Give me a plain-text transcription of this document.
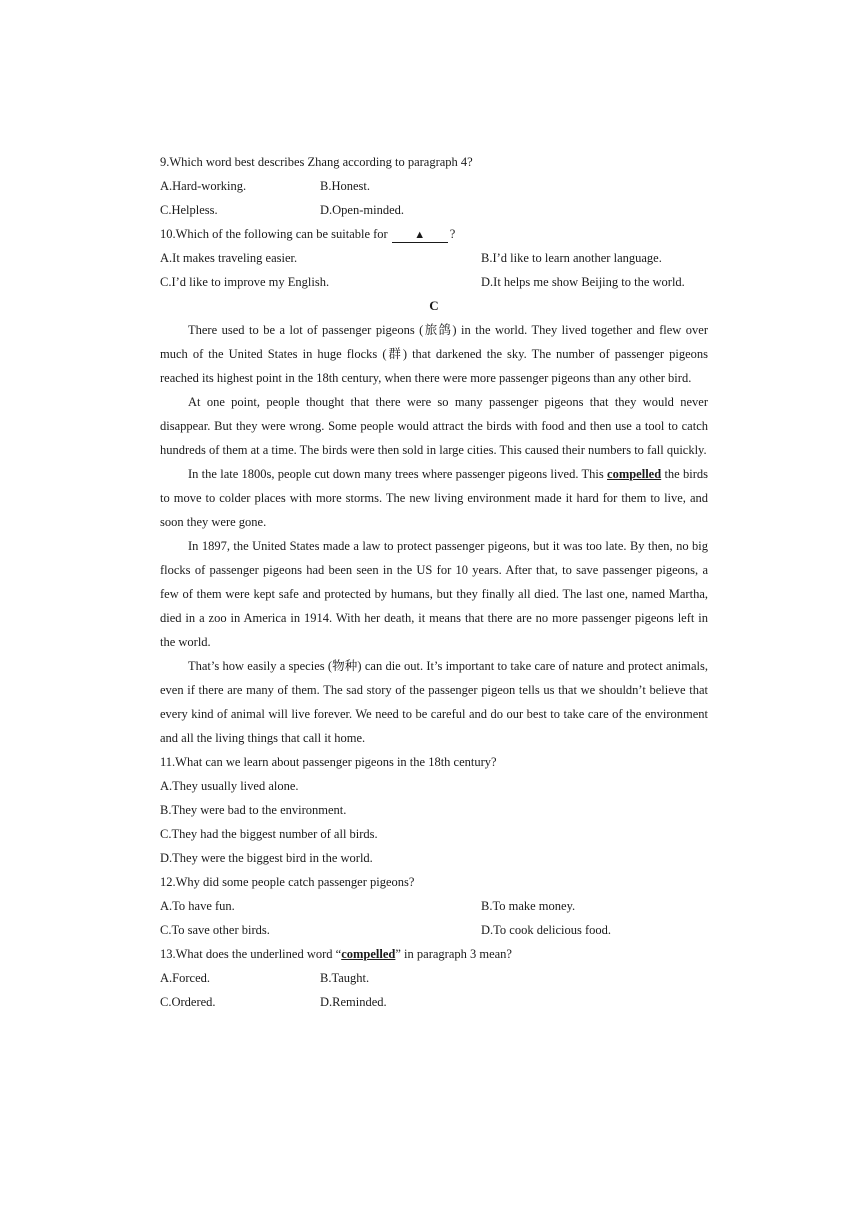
9.Which word best describes Zhang according to paragraph 4?
A.Hard-working.	B.Honest.
C.Helpless.	D.Open-minded.
10.Which of the following can be suitable for ▲ ?
A.It makes traveling easier.	B.I’d like to learn another language.
C.I’d like to improve my English.	D.It helps me show Beijing to the world.
C

There used to be a lot of passenger pigeons (旅鸽) in the world. They lived together and flew over much of the United States in huge flocks (群) that darkened the sky. The number of passenger pigeons reached its highest point in the 18th century, when there were more passenger pigeons than any other bird.

At one point, people thought that there were so many passenger pigeons that they would never disappear. But they were wrong. Some people would attract the birds with food and then use a tool to catch hundreds of them at a time. The birds were then sold in large cities. This caused their numbers to fall quickly.

In the late 1800s, people cut down many trees where passenger pigeons lived. This compelled the birds to move to colder places with more storms. The new living environment made it hard for them to live, and soon they were gone.

In 1897, the United States made a law to protect passenger pigeons, but it was too late. By then, no big flocks of passenger pigeons had been seen in the US for 10 years. After that, to save passenger pigeons, a few of them were kept safe and protected by humans, but they finally all died. The last one, named Martha, died in a zoo in America in 1914. With her death, it means that there are no more passenger pigeons left in the world.

That’s how easily a species (物种) can die out. It’s important to take care of nature and protect animals, even if there are many of them. The sad story of the passenger pigeon tells us that we shouldn’t believe that every kind of animal will live forever. We need to be careful and do our best to take care of the environment and all the living things that call it home.

11.What can we learn about passenger pigeons in the 18th century?
A.They usually lived alone.
B.They were bad to the environment.
C.They had the biggest number of all birds.
D.They were the biggest bird in the world.
12.Why did some people catch passenger pigeons?
A.To have fun.	B.To make money.
C.To save other birds.	D.To cook delicious food.
13.What does the underlined word “compelled” in paragraph 3 mean?
A.Forced.	B.Taught.
C.Ordered.	D.Reminded.
